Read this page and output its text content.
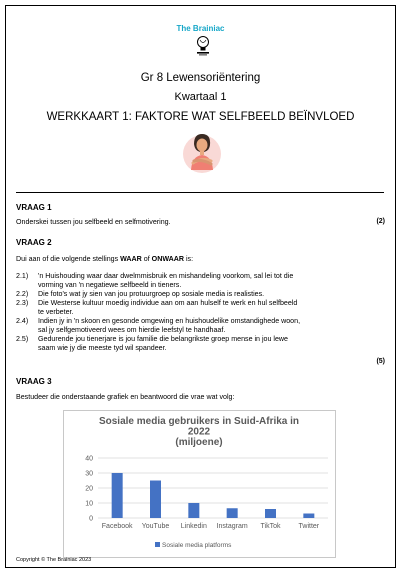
The Brainiac
Gr 8 Lewensoriëntering
Kwartaal 1
WERKKAART 1: FAKTORE WAT SELFBEELD BEÏNVLOED
VRAAG 1
Onderskei tussen jou selfbeeld en selfmotivering.	(2)
VRAAG 2
Dui aan of die volgende stellings WAAR of ONWAAR is:
2.1)	'n Huishouding waar daar dwelmmisbruik en mishandeling voorkom, sal lei tot die
vorming van 'n negatiewe selfbeeld in tieners.
2.2)	Die foto's wat jy sien van jou protuurgroep op sosiale media is realisties.
2.3)	Die Westerse kultuur moedig individue aan om aan hulself te werk en hul selfbeeld
te verbeter.
2.4)	Indien jy in 'n skoon en gesonde omgewing en huishoudelike omstandighede woon,
sal jy selfgemotiveerd wees om hierdie leefstyl te handhaaf.
2.5)	Gedurende jou tienerjare is jou familie die belangrikste groep mense in jou lewe
saam wie jy die meeste tyd wil spandeer.
(5)
VRAAG 3
Bestudeer die onderstaande grafiek en beantwoord die vrae wat volg:
Sosiale media gebruikers in Suid-Afrika in
2022
(miljoene)
0
10
20
30
40
Facebook YouTube Linkedin Instagram TikTok	Twitter
Sosiale media platforms
Copyright © The Brainiac 2023
